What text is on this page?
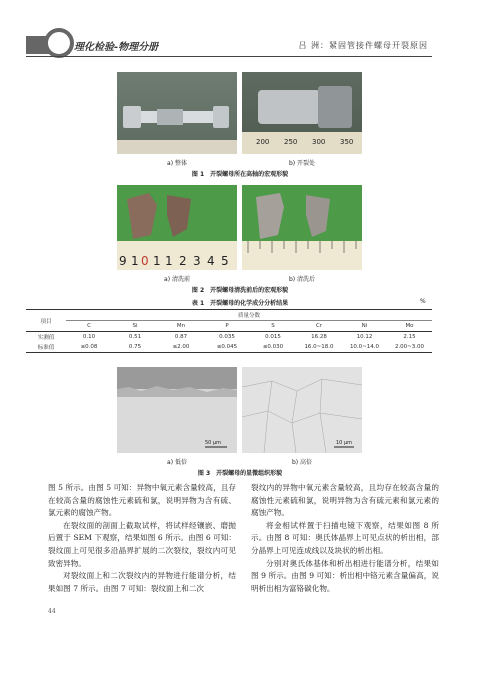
理化检验-物理分册	吕 洲：紧固管接件螺母开裂原因
200 250 300 350
a) 整体	b) 开裂处
图 1　开裂螺母所在高轴的宏观形貌
9 1 0 1 1 2 3 4 5
a) 清洗前	b) 清洗后
图 2　开裂螺母清洗前后的宏观形貌
表 1　开裂螺母的化学成分分析结果	%
项目	质量分数							
	C	Si	Mn	P	S	Cr	Ni	Mo
实测值	0.10	0.51	0.87	0.035	0.015	16.28	10.12	2.15
标准值	≤0.08	0.75	≤2.00	≤0.045	≤0.030	16.0~18.0	10.0~14.0	2.00~3.00
50 μm	10 μm
a) 低倍	b) 高倍
图 3　开裂螺母的显微组织形貌

图 5 所示。由图 5 可知：异物中氧元素含量较高，且存在较高含量的腐蚀性元素硫和氯，说明异物为含有硫、氯元素的腐蚀产物。

在裂纹面的剖面上截取试样，将试样经镶嵌、磨抛后置于 SEM 下观察，结果如图 6 所示。由图 6 可知：裂纹面上可见很多沿晶界扩展的二次裂纹，裂纹内可见致密异物。

对裂纹面上和二次裂纹内的异物进行能谱分析，结果如图 7 所示。由图 7 可知：裂纹面上和二次

裂纹内的异物中氧元素含量较高，且均存在较高含量的腐蚀性元素硫和氯，说明异物为含有硫元素和氯元素的腐蚀产物。

将金相试样置于扫描电镜下观察，结果如图 8 所示。由图 8 可知：奥氏体晶界上可见点状的析出相，部分晶界上可见连成线以及块状的析出相。

分别对奥氏体基体和析出相进行能谱分析，结果如图 9 所示。由图 9 可知：析出相中铬元素含量偏高，说明析出相为富铬碳化物。

44
